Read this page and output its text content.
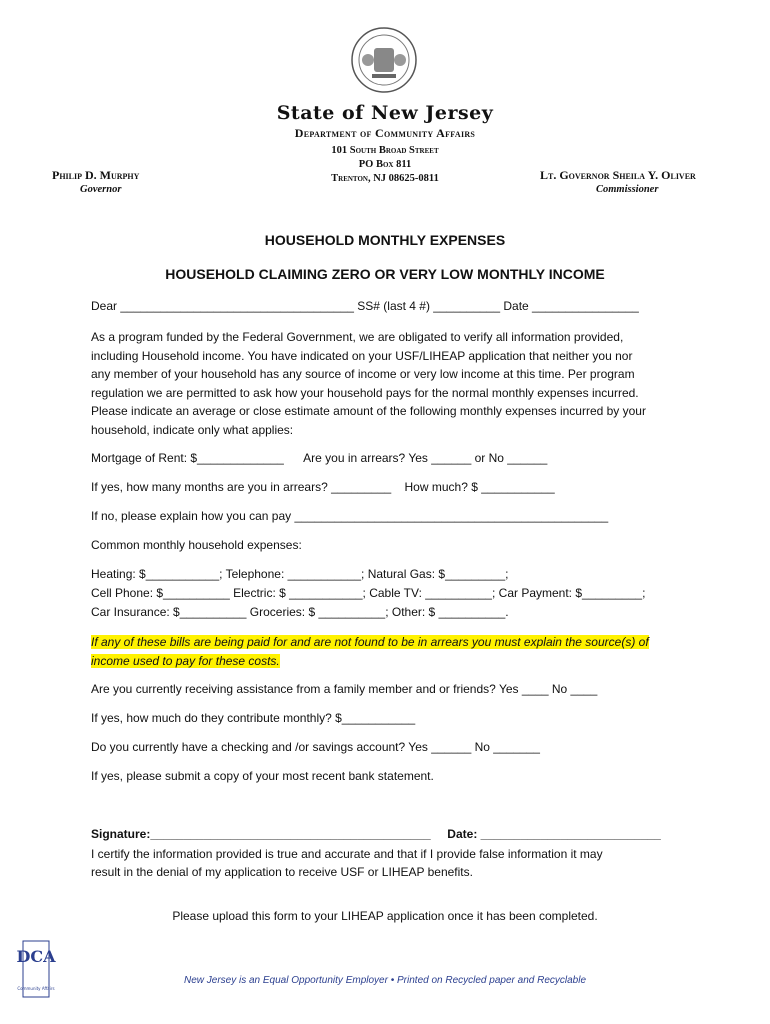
State of New Jersey
Department of Community Affairs
101 South Broad Street
PO Box 811
Trenton, NJ 08625-0811
Philip D. Murphy
Governor
Lt. Governor Sheila Y. Oliver
Commissioner
HOUSEHOLD MONTHLY EXPENSES
HOUSEHOLD CLAIMING ZERO OR VERY LOW MONTHLY INCOME
Dear ___________________________________ SS# (last 4 #) __________ Date ________________
As a program funded by the Federal Government, we are obligated to verify all information provided,
including Household income. You have indicated on your USF/LIHEAP application that neither you nor
any member of your household has any source of income or very low income at this time. Per program
regulation we are permitted to ask how your household pays for the normal monthly expenses incurred.
Please indicate an average or close estimate amount of the following monthly expenses incurred by your
household, indicate only what applies:
Mortgage of Rent: $_____________      Are you in arrears? Yes ______ or No ______
If yes, how many months are you in arrears? _________    How much? $ ___________
If no, please explain how you can pay _______________________________________________
Common monthly household expenses:
Heating: $___________; Telephone: ___________; Natural Gas: $_________;
Cell Phone: $__________ Electric: $ ___________; Cable TV: __________; Car Payment: $_________;
Car Insurance: $__________ Groceries: $ __________; Other: $ __________.
If any of these bills are being paid for and are not found to be in arrears you must explain the source(s) of
income used to pay for these costs.
Are you currently receiving assistance from a family member and or friends? Yes ____ No ____
If yes, how much do they contribute monthly? $___________
Do you currently have a checking and /or savings account? Yes ______ No _______
If yes, please submit a copy of your most recent bank statement.
Signature:__________________________________________     Date: ___________________________
I certify the information provided is true and accurate and that if I provide false information it may
result in the denial of my application to receive USF or LIHEAP benefits.
Please upload this form to your LIHEAP application once it has been completed.
DCA
Community Affairs
New Jersey is an Equal Opportunity Employer • Printed on Recycled paper and Recyclable
